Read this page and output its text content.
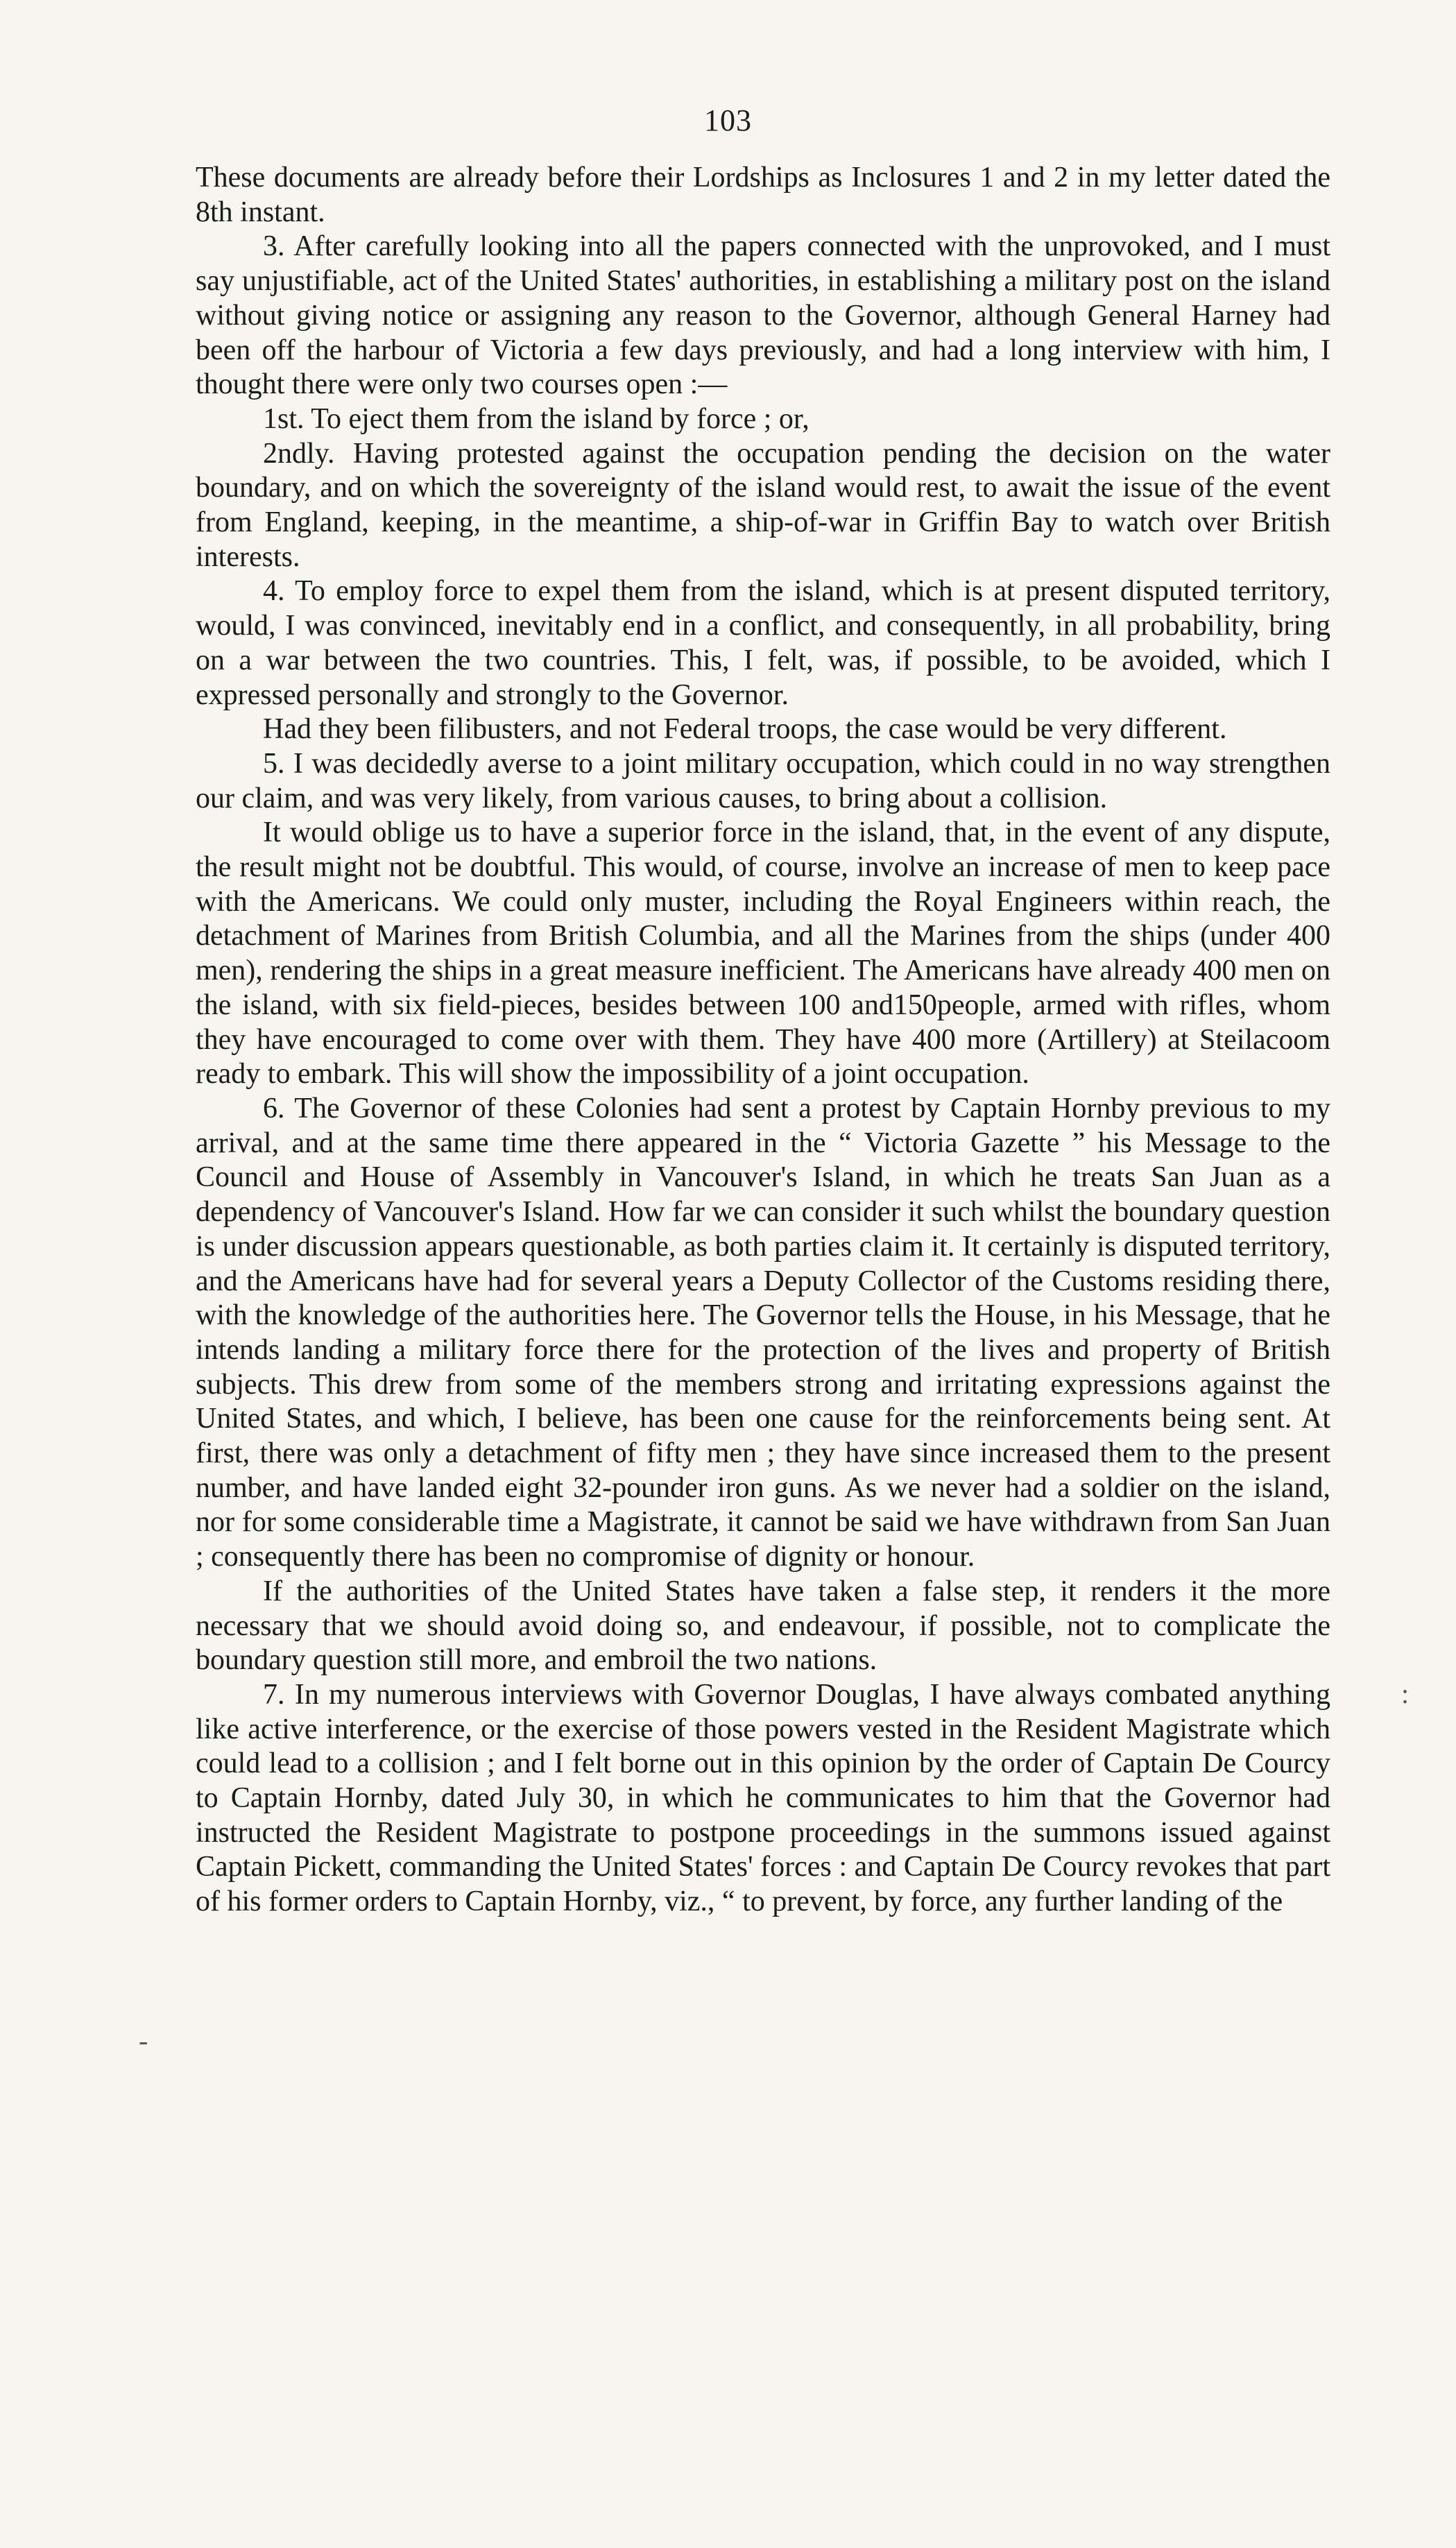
103

These documents are already before their Lordships as Inclosures 1 and 2 in my letter dated the 8th instant.

3. After carefully looking into all the papers connected with the unprovoked, and I must say unjustifiable, act of the United States' authorities, in establishing a military post on the island without giving notice or assigning any reason to the Governor, although General Harney had been off the harbour of Victoria a few days previously, and had a long interview with him, I thought there were only two courses open :—

1st. To eject them from the island by force ; or,

2ndly. Having protested against the occupation pending the decision on the water boundary, and on which the sovereignty of the island would rest, to await the issue of the event from England, keeping, in the meantime, a ship-of-war in Griffin Bay to watch over British interests.

4. To employ force to expel them from the island, which is at present disputed territory, would, I was convinced, inevitably end in a conflict, and consequently, in all probability, bring on a war between the two countries. This, I felt, was, if possible, to be avoided, which I expressed personally and strongly to the Governor.

Had they been filibusters, and not Federal troops, the case would be very different.

5. I was decidedly averse to a joint military occupation, which could in no way strengthen our claim, and was very likely, from various causes, to bring about a collision.

It would oblige us to have a superior force in the island, that, in the event of any dispute, the result might not be doubtful. This would, of course, involve an increase of men to keep pace with the Americans. We could only muster, including the Royal Engineers within reach, the detachment of Marines from British Columbia, and all the Marines from the ships (under 400 men), rendering the ships in a great measure inefficient. The Americans have already 400 men on the island, with six field-pieces, besides between 100 and150people, armed with rifles, whom they have encouraged to come over with them. They have 400 more (Artillery) at Steilacoom ready to embark. This will show the impossibility of a joint occupation.

6. The Governor of these Colonies had sent a protest by Captain Hornby previous to my arrival, and at the same time there appeared in the “ Victoria Gazette ” his Message to the Council and House of Assembly in Vancouver's Island, in which he treats San Juan as a dependency of Vancouver's Island. How far we can consider it such whilst the boundary question is under discussion appears questionable, as both parties claim it. It certainly is disputed territory, and the Americans have had for several years a Deputy Collector of the Customs residing there, with the knowledge of the authorities here. The Governor tells the House, in his Message, that he intends landing a military force there for the protection of the lives and property of British subjects. This drew from some of the members strong and irritating expressions against the United States, and which, I believe, has been one cause for the reinforcements being sent. At first, there was only a detachment of fifty men ; they have since increased them to the present number, and have landed eight 32-pounder iron guns. As we never had a soldier on the island, nor for some considerable time a Magistrate, it cannot be said we have withdrawn from San Juan ; consequently there has been no compromise of dignity or honour.

If the authorities of the United States have taken a false step, it renders it the more necessary that we should avoid doing so, and endeavour, if possible, not to complicate the boundary question still more, and embroil the two nations.

7. In my numerous interviews with Governor Douglas, I have always combated anything like active interference, or the exercise of those powers vested in the Resident Magistrate which could lead to a collision ; and I felt borne out in this opinion by the order of Captain De Courcy to Captain Hornby, dated July 30, in which he communicates to him that the Governor had instructed the Resident Magistrate to postpone proceedings in the summons issued against Captain Pickett, commanding the United States' forces : and Captain De Courcy revokes that part of his former orders to Captain Hornby, viz., “ to prevent, by force, any further landing of the

:
-
